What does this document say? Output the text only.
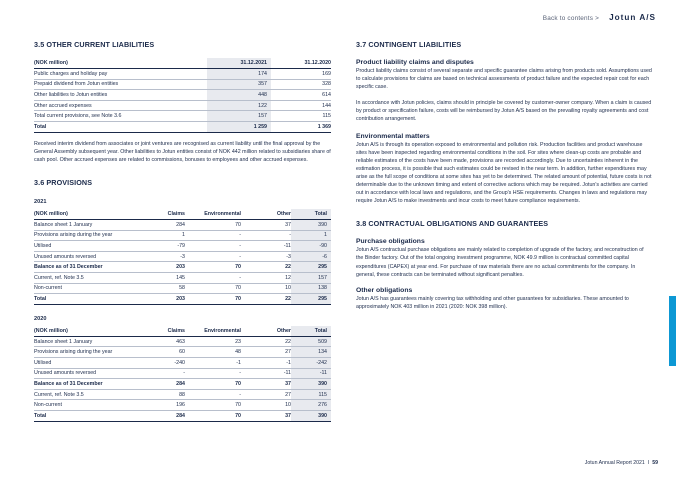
Back to contents > Jotun A/S
3.5 OTHER CURRENT LIABILITIES
(NOK million)	31.12.2021	31.12.2020
Public charges and holiday pay	174	169
Prepaid dividend from Jotun entities	357	328
Other liabilities to Jotun entities	448	614
Other accrued expenses	122	144
Total current provisions, see Note 3.6	157	115
Total	1 259	1 369

Received interim dividend from associates or joint ventures are recognised as current liability until the final approval by the General Assembly subsequent year. Other liabilities to Jotun entities consist of NOK 442 million related to subsidiaries share of cash pool. Other accrued expenses are related to commissions, bonuses to employees and other accrued expenses.

3.6 PROVISIONS
2021
(NOK million)	Claims	Environmental	Other	Total
Balance sheet 1 January	284	70	37	390
Provisions arising during the year	1	-	-	1
Utilised	-79	-	-11	-90
Unused amounts reversed	-3	-	-3	-6
Balance as of 31 December	203	70	22	295
Current, ref. Note 3.5	145	-	12	157
Non-current	58	70	10	138
Total	203	70	22	295
2020
(NOK million)	Claims	Environmental	Other	Total
Balance sheet 1 January	463	23	22	509
Provisions arising during the year	60	48	27	134
Utilised	-240	-1	-1	-242
Unused amounts reversed	-	-	-11	-11
Balance as of 31 December	284	70	37	390
Current, ref. Note 3.5	88	-	27	115
Non-current	196	70	10	276
Total	284	70	37	390
3.7 CONTINGENT LIABILITIES
Product liability claims and disputes

Product liability claims consist of several separate and specific guarantee claims arising from products sold. Assumptions used to calculate provisions for claims are based on technical assessments of product failure and the expected repair cost for each specific case.

In accordance with Jotun policies, claims should in principle be covered by customer-owner company. When a claim is caused by product or specification failure, costs will be reimbursed by Jotun A/S based on the prevailing royalty agreements and cost contribution arrangement.

Environmental matters

Jotun A/S is through its operation exposed to environmental and pollution risk. Production facilities and product warehouse sites have been inspected regarding environmental conditions in the soil. For sites where clean-up costs are probable and reliable estimates of the costs have been made, provisions are recorded accordingly. Due to uncertainties inherent in the estimation process, it is possible that such estimates could be revised in the near term. In addition, further expenditures may arise as the full scope of conditions at some sites has yet to be determined. The related amount of potential, future costs is not determinable due to the unknown timing and extent of corrective actions which may be required. Jotun's activities are carried out in accordance with local laws and regulations, and the Group's HSE requirements. Changes in laws and regulations may require Jotun A/S to make investments and incur costs to meet future compliance requirements.

3.8 CONTRACTUAL OBLIGATIONS AND GUARANTEES
Purchase obligations

Jotun A/S contractual purchase obligations are mainly related to completion of upgrade of the factory, and reconstruction of the Binder factory. Out of the total ongoing investment programme, NOK 49.9 million is contractual committed capital expenditures (CAPEX) at year end. For purchase of raw materials there are no actual commitments for the company. In general, these contracts can be terminated without significant penalties.

Other obligations

Jotun A/S has guarantees mainly covering tax withholding and other guarantees for subsidiaries. These amounted to approximately NOK 403 million in 2021 (2020: NOK 398 million).

Jotun Annual Report 2021 I 59
